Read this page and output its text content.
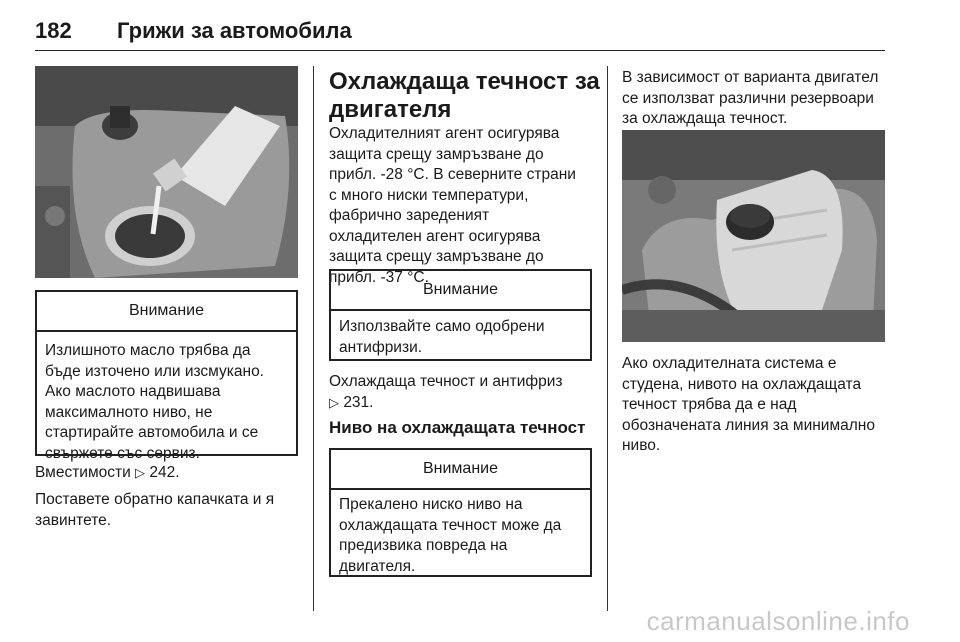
182 Грижи за автомобила
Внимание
Излишното масло трябва да
бъде източено или изсмукано.
Ако маслото надвишава
максималното ниво, не
стартирайте автомобила и се
свържете със сервиз.
Вместимости ▷ 242.
Поставете обратно капачката и я
завинтете.
Охлаждаща течност за
двигателя
Охладителният агент осигурява
защита срещу замръзване до
прибл. -28 °C. В северните страни
с много ниски температури,
фабрично зареденият
охладителен агент осигурява
защита срещу замръзване до
прибл. -37 °C.
Внимание
Използвайте само одобрени
антифризи.
Охлаждаща течност и антифриз
▷ 231.
Ниво на охлаждащата течност
Внимание
Прекалено ниско ниво на
охлаждащата течност може да
предизвика повреда на
двигателя.
В зависимост от варианта двигател
се използват различни резервоари
за охлаждаща течност.
Ако охладителната система е
студена, нивото на охлаждащата
течност трябва да е над
обозначената линия за минимално
ниво.
carmanualsonline.info
